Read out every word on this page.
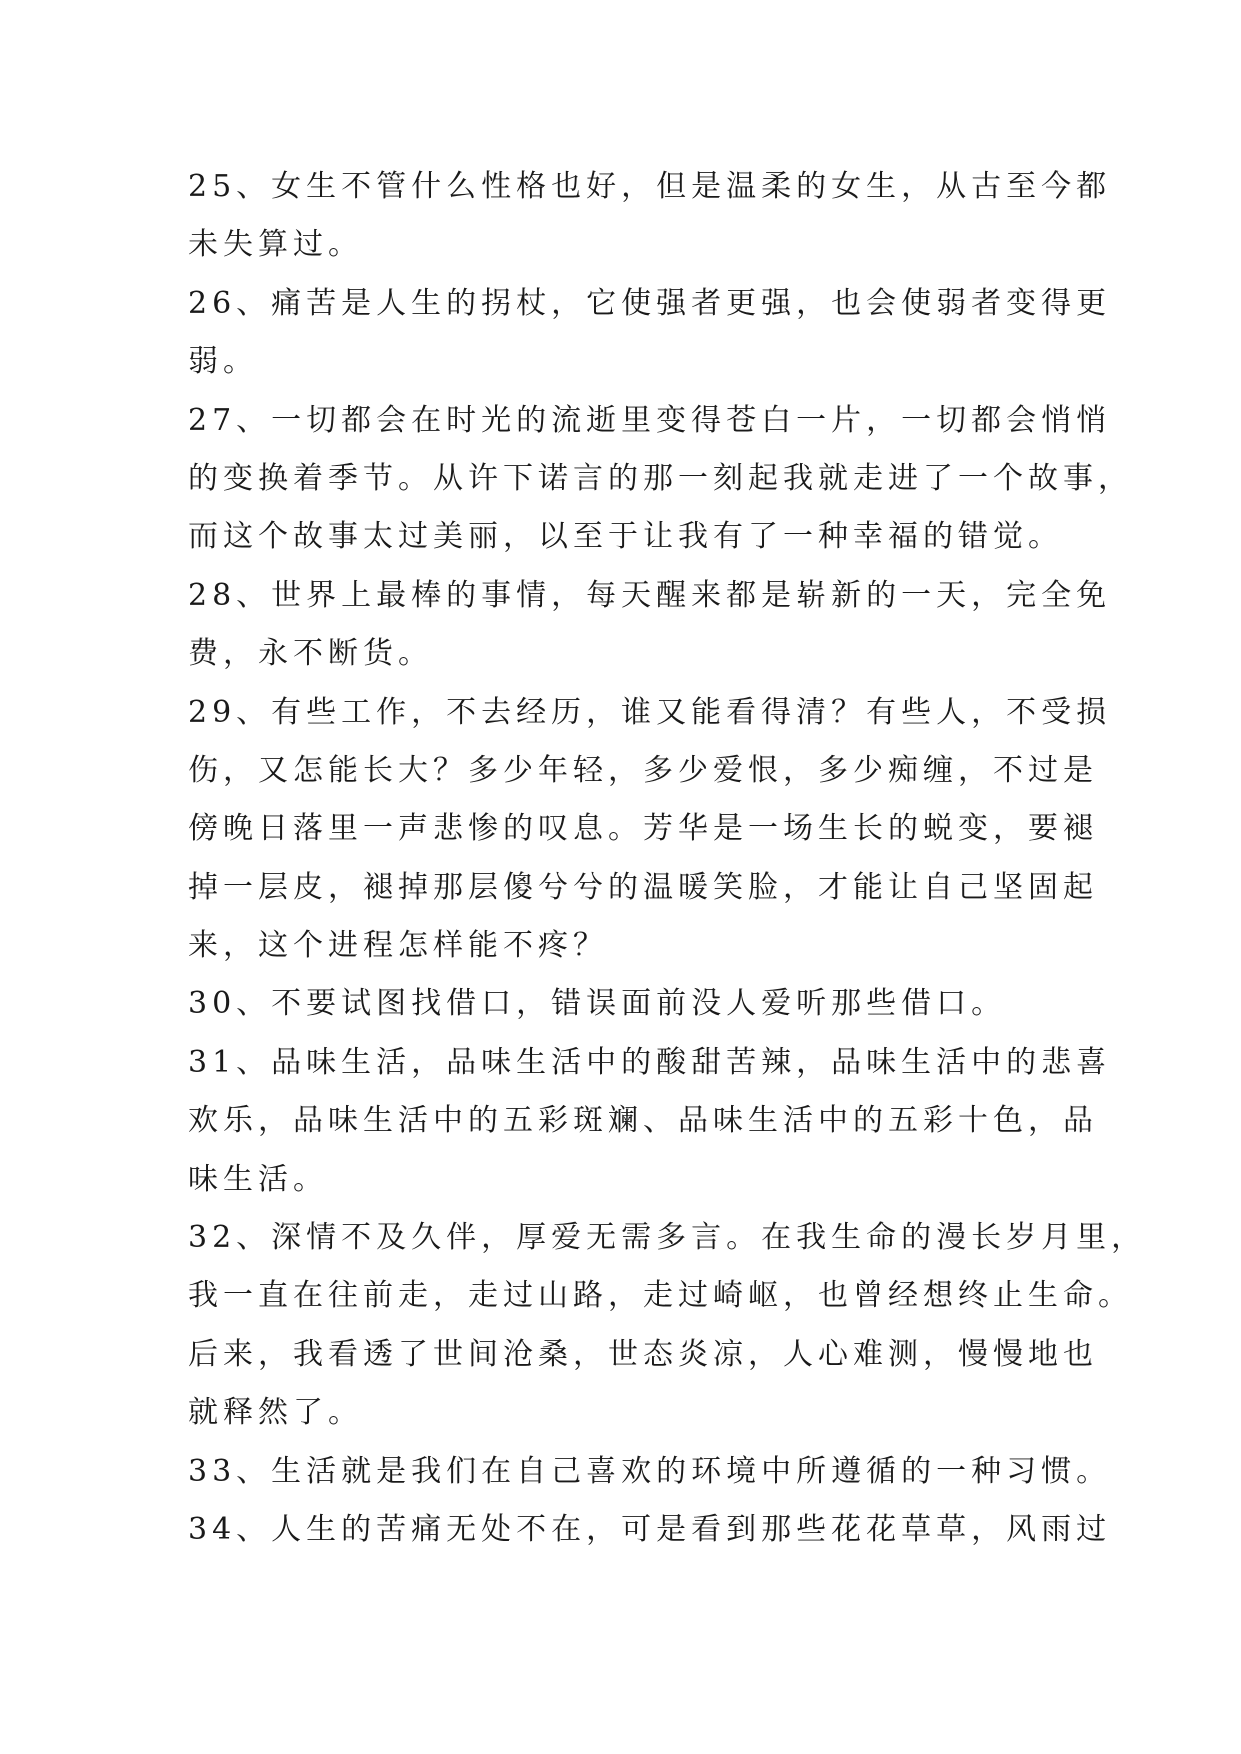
25、女生不管什么性格也好，但是温柔的女生，从古至今都
未失算过。
26、痛苦是人生的拐杖，它使强者更强，也会使弱者变得更
弱。
27、一切都会在时光的流逝里变得苍白一片，一切都会悄悄
的变换着季节。从许下诺言的那一刻起我就走进了一个故事，
而这个故事太过美丽，以至于让我有了一种幸福的错觉。
28、世界上最棒的事情，每天醒来都是崭新的一天，完全免
费，永不断货。
29、有些工作，不去经历，谁又能看得清？有些人，不受损
伤，又怎能长大？多少年轻，多少爱恨，多少痴缠，不过是
傍晚日落里一声悲惨的叹息。芳华是一场生长的蜕变，要褪
掉一层皮，褪掉那层傻兮兮的温暖笑脸，才能让自己坚固起
来，这个进程怎样能不疼？
30、不要试图找借口，错误面前没人爱听那些借口。
31、品味生活，品味生活中的酸甜苦辣，品味生活中的悲喜
欢乐，品味生活中的五彩斑斓、品味生活中的五彩十色，品
味生活。
32、深情不及久伴，厚爱无需多言。在我生命的漫长岁月里，
我一直在往前走，走过山路，走过崎岖，也曾经想终止生命。
后来，我看透了世间沧桑，世态炎凉，人心难测，慢慢地也
就释然了。
33、生活就是我们在自己喜欢的环境中所遵循的一种习惯。
34、人生的苦痛无处不在，可是看到那些花花草草，风雨过
